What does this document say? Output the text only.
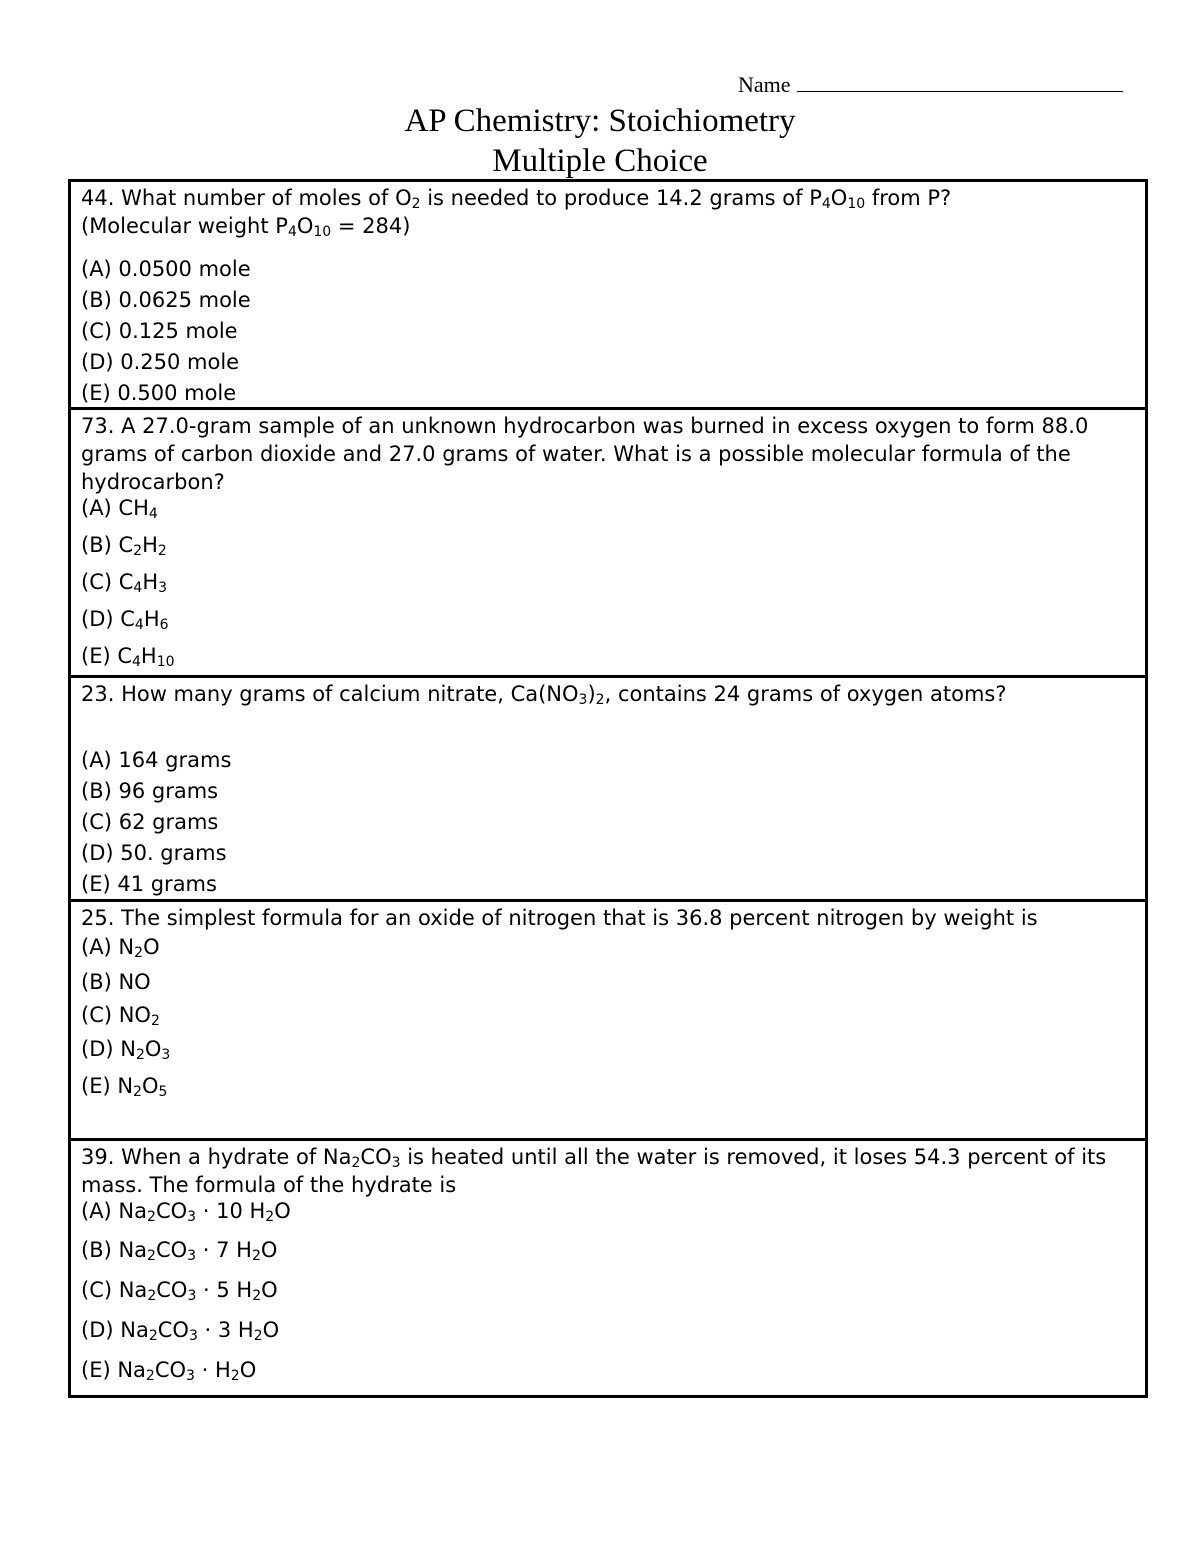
Name
AP Chemistry: Stoichiometry
Multiple Choice
44. What number of moles of $O_2$ is needed to produce 14.2 grams of $P_4O_{10}$ from P?
(Molecular weight $P_4O_{10} = 284$)
(A) 0.0500 mole
(B) 0.0625 mole
(C) 0.125 mole
(D) 0.250 mole
(E) 0.500 mole
73. A 27.0-gram sample of an unknown hydrocarbon was burned in excess oxygen to form 88.0 grams of carbon dioxide and 27.0 grams of water. What is a possible molecular formula of the hydrocarbon?
(A) $CH_4$
(B) $C_2H_2$
(C) $C_4H_3$
(D) $C_4H_6$
(E) $C_4H_{10}$
23. How many grams of calcium nitrate, $Ca(NO_3)_2$, contains 24 grams of oxygen atoms?
(A) 164 grams
(B) 96 grams
(C) 62 grams
(D) 50. grams
(E) 41 grams
25. The simplest formula for an oxide of nitrogen that is 36.8 percent nitrogen by weight is
(A) $N_2O$
(B) NO
(C) $NO_2$
(D) $N_2O_3$
(E) $N_2O_5$
39. When a hydrate of $Na_2CO_3$ is heated until all the water is removed, it loses 54.3 percent of its mass. The formula of the hydrate is
(A) $Na_2CO_3 \cdot 10$ $H_2O$
(B) $Na_2CO_3 \cdot 7$ $H_2O$
(C) $Na_2CO_3 \cdot 5$ $H_2O$
(D) $Na_2CO_3 \cdot 3$ $H_2O$
(E) $Na_2CO_3 \cdot H_2O$
